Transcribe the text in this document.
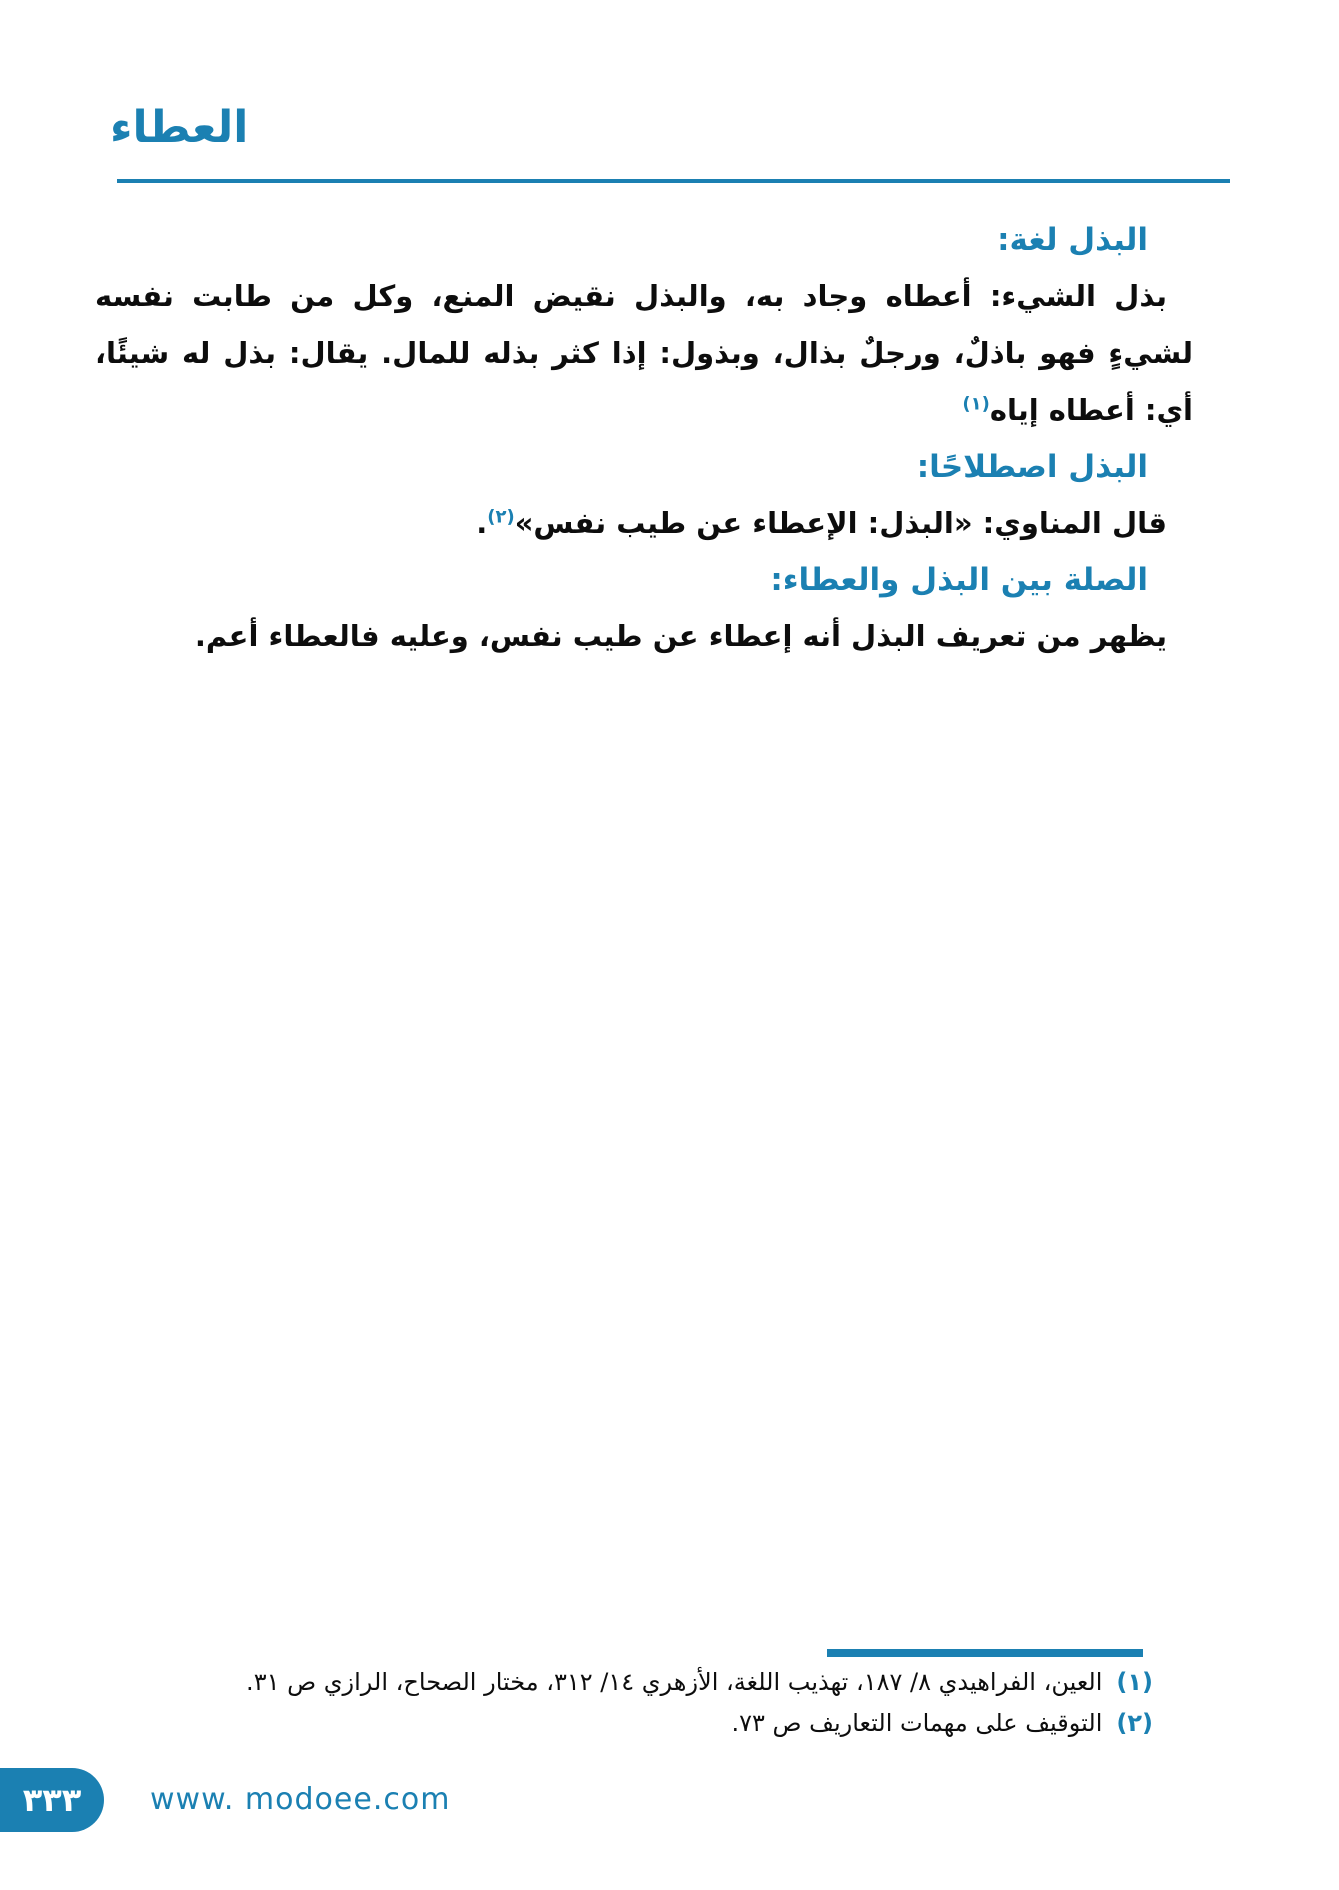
العطاء
البذل لغة:

بذل الشيء: أعطاه وجاد به، والبذل نقيض المنع، وكل من طابت نفسه لشيءٍ فهو باذلٌ، ورجلٌ بذال، وبذول: إذا كثر بذله للمال. يقال: بذل له شيئًا، أي: أعطاه إياه$^{(١)}$

البذل اصطلاحًا:

قال المناوي: «البذل: الإعطاء عن طيب نفس»$^{(٢)}$.

الصلة بين البذل والعطاء:

يظهر من تعريف البذل أنه إعطاء عن طيب نفس، وعليه فالعطاء أعم.

(١)
العين، الفراهيدي ٨/ ١٨٧، تهذيب اللغة، الأزهري ١٤/ ٣١٢، مختار الصحاح، الرازي ص ٣١.
(٢)
التوقيف على مهمات التعاريف ص ٧٣.
٣٣٣ www. modoee.com
